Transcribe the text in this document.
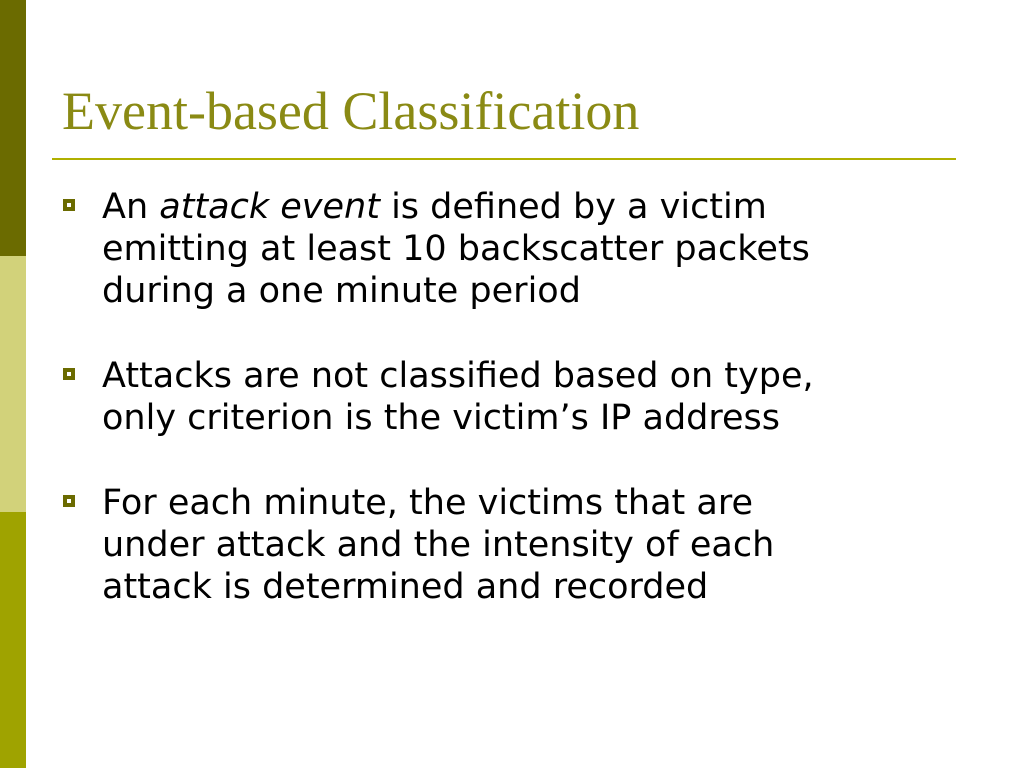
Event-based Classification
An attack event is defined by a victim
emitting at least 10 backscatter packets
during a one minute period
Attacks are not classified based on type,
only criterion is the victim’s IP address
For each minute, the victims that are
under attack and the intensity of each
attack is determined and recorded
